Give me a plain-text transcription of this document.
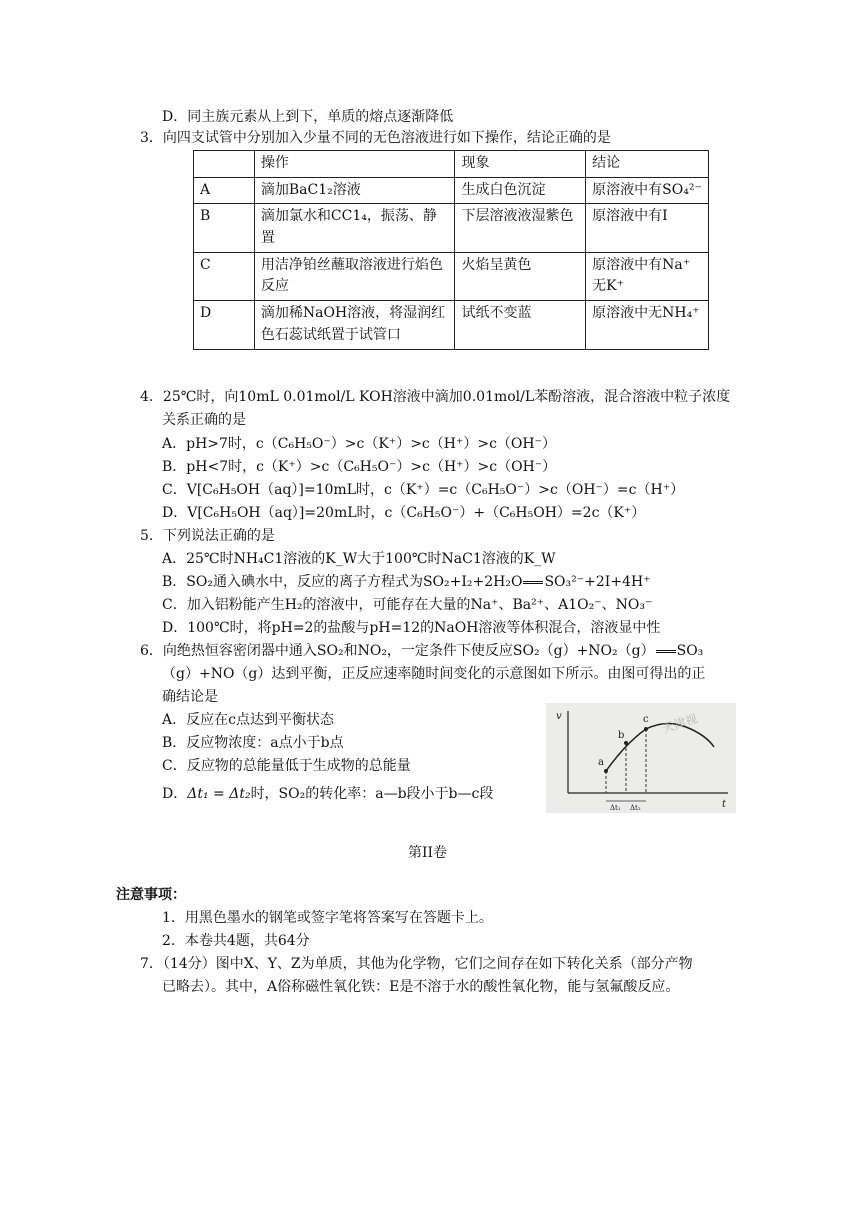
D．同主族元素从上到下，单质的熔点逐渐降低
3．向四支试管中分别加入少量不同的无色溶液进行如下操作，结论正确的是
	操作	现象	结论
A	滴加BaC1₂溶液	生成白色沉淀	原溶液中有SO₄²⁻
B	滴加氯水和CC1₄，振荡、静置	下层溶液液湿紫色	原溶液中有I
C	用洁净铂丝蘸取溶液进行焰色反应	火焰呈黄色	原溶液中有Na⁺无K⁺
D	滴加稀NaOH溶液，将湿润红色石蕊试纸置于试管口	试纸不变蓝	原溶液中无NH₄⁺
4．25℃时，向10mL 0.01mol/L KOH溶液中滴加0.01mol/L苯酚溶液，混合溶液中粒子浓度
关系正确的是
A．pH>7时，c（C₆H₅O⁻）>c（K⁺）>c（H⁺）>c（OH⁻）
B．pH<7时，c（K⁺）>c（C₆H₅O⁻）>c（H⁺）>c（OH⁻）
C．V[C₆H₅OH（aq）]=10mL时，c（K⁺）=c（C₆H₅O⁻）>c（OH⁻）=c（H⁺）
D．V[C₆H₅OH（aq）]=20mL时，c（C₆H₅O⁻）+（C₆H₅OH）=2c（K⁺）
5．下列说法正确的是
A．25℃时NH₄C1溶液的K_W大于100℃时NaC1溶液的K_W
B．SO₂通入碘水中，反应的离子方程式为SO₂+I₂+2H₂O SO₃²⁻+2I+4H⁺
C．加入铝粉能产生H₂的溶液中，可能存在大量的Na⁺、Ba²⁺、A1O₂⁻、NO₃⁻
D．100℃时，将pH=2的盐酸与pH=12的NaOH溶液等体积混合，溶液显中性
6．向绝热恒容密闭器中通入SO₂和NO₂，一定条件下使反应SO₂（g）+NO₂（g） SO₃
（g）+NO（g）达到平衡，正反应速率随时间变化的示意图如下所示。由图可得出的正
确结论是
A．反应在c点达到平衡状态
B．反应物浓度：a点小于b点
C．反应物的总能量低于生成物的总能量
D．Δt₁ = Δt₂时，SO₂的转化率：a—b段小于b—c段
v
t
a
b
c
Δt₁ Δt₂
天津视
第II卷
注意事项：
1．用黑色墨水的钢笔或签字笔将答案写在答题卡上。
2．本卷共4题，共64分
7．（14分）图中X、Y、Z为单质，其他为化学物，它们之间存在如下转化关系（部分产物
已略去）。其中，A俗称磁性氧化铁：E是不溶于水的酸性氧化物，能与氢氟酸反应。
